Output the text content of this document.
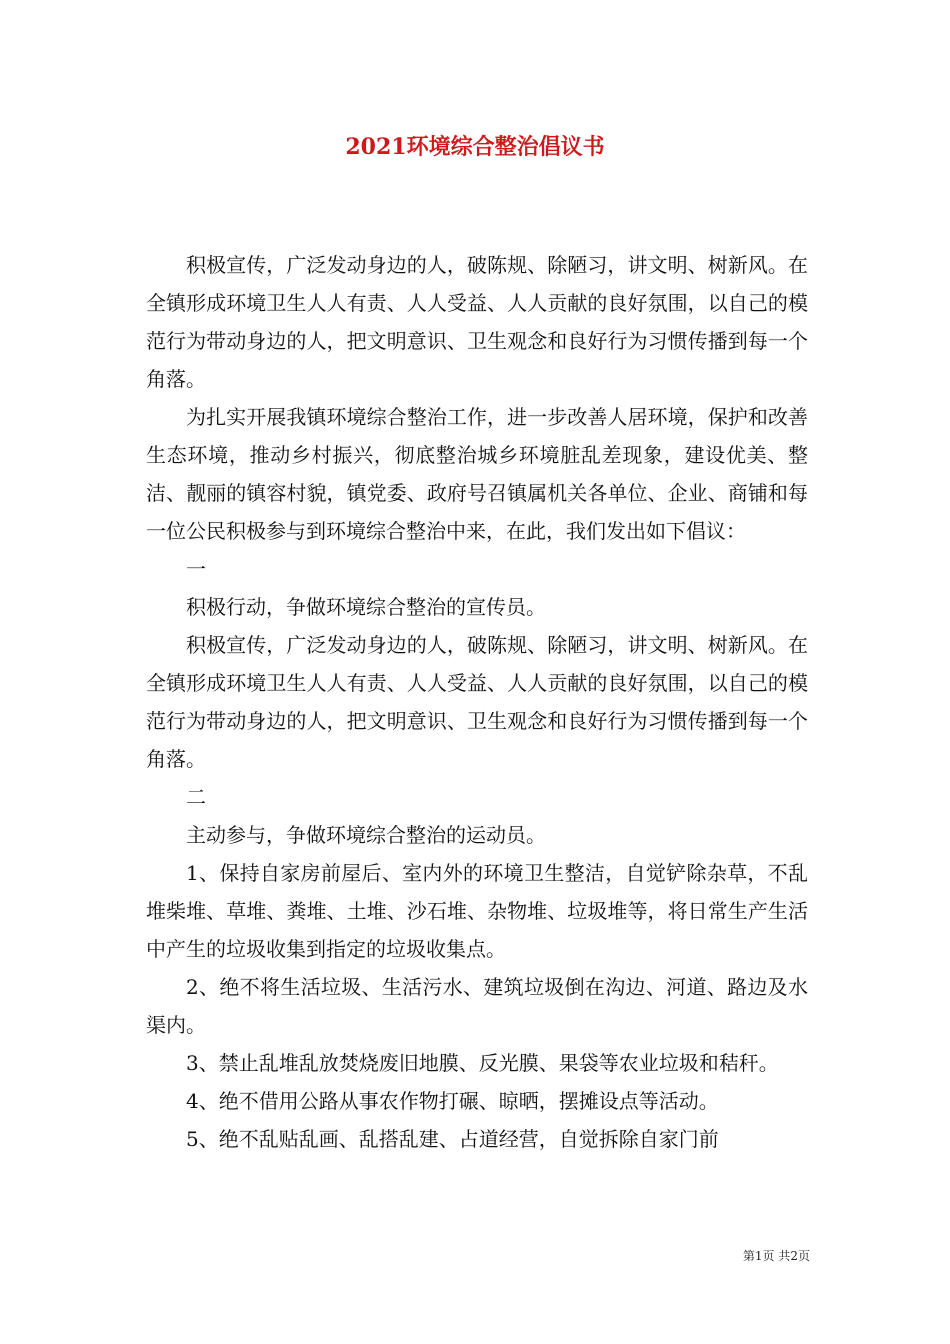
2021环境综合整治倡议书

积极宣传，广泛发动身边的人，破陈规、除陋习，讲文明、树新风。在全镇形成环境卫生人人有责、人人受益、人人贡献的良好氛围，以自己的模范行为带动身边的人，把文明意识、卫生观念和良好行为习惯传播到每一个角落。

为扎实开展我镇环境综合整治工作，进一步改善人居环境，保护和改善生态环境，推动乡村振兴，彻底整治城乡环境脏乱差现象，建设优美、整洁、靓丽的镇容村貌，镇党委、政府号召镇属机关各单位、企业、商铺和每一位公民积极参与到环境综合整治中来，在此，我们发出如下倡议：

一

积极行动，争做环境综合整治的宣传员。

积极宣传，广泛发动身边的人，破陈规、除陋习，讲文明、树新风。在全镇形成环境卫生人人有责、人人受益、人人贡献的良好氛围，以自己的模范行为带动身边的人，把文明意识、卫生观念和良好行为习惯传播到每一个角落。

二

主动参与，争做环境综合整治的运动员。

1、保持自家房前屋后、室内外的环境卫生整洁，自觉铲除杂草，不乱堆柴堆、草堆、粪堆、土堆、沙石堆、杂物堆、垃圾堆等，将日常生产生活中产生的垃圾收集到指定的垃圾收集点。

2、绝不将生活垃圾、生活污水、建筑垃圾倒在沟边、河道、路边及水渠内。

3、禁止乱堆乱放焚烧废旧地膜、反光膜、果袋等农业垃圾和秸秆。

4、绝不借用公路从事农作物打碾、晾晒，摆摊设点等活动。

5、绝不乱贴乱画、乱搭乱建、占道经营，自觉拆除自家门前

第1页 共2页
